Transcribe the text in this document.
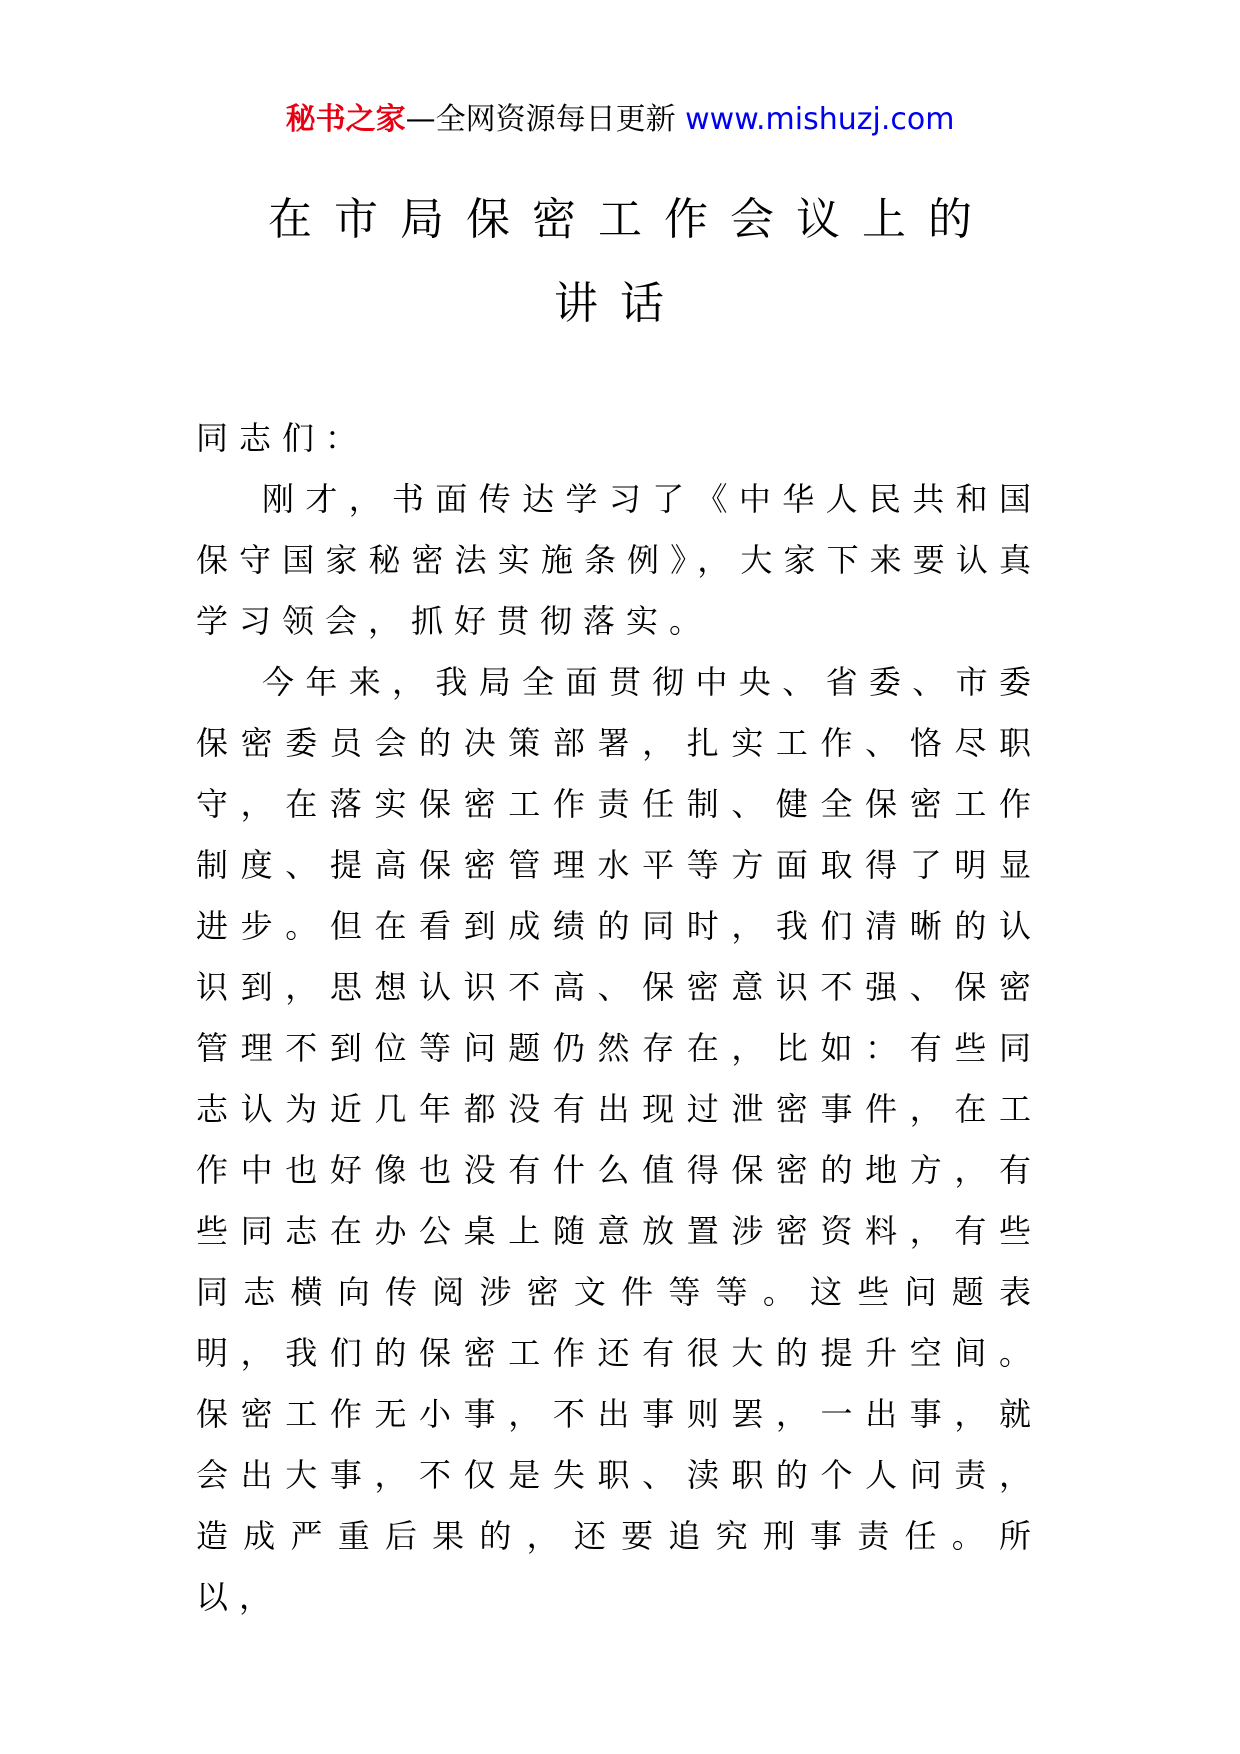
秘书之家—全网资源每日更新 www.mishuzj.com
在市局保密工作会议上的讲话

同志们：

刚才，书面传达学习了《中华人民共和国保守国家秘密法实施条例》，大家下来要认真学习领会，抓好贯彻落实。

今年来，我局全面贯彻中央、省委、市委保密委员会的决策部署，扎实工作、恪尽职守，在落实保密工作责任制、健全保密工作制度、提高保密管理水平等方面取得了明显进步。但在看到成绩的同时，我们清晰的认识到，思想认识不高、保密意识不强、保密管理不到位等问题仍然存在，比如：有些同志认为近几年都没有出现过泄密事件，在工作中也好像也没有什么值得保密的地方，有些同志在办公桌上随意放置涉密资料，有些同志横向传阅涉密文件等等。这些问题表明，我们的保密工作还有很大的提升空间。保密工作无小事，不出事则罢，一出事，就会出大事，不仅是失职、渎职的个人问责，造成严重后果的，还要追究刑事责任。所以，
